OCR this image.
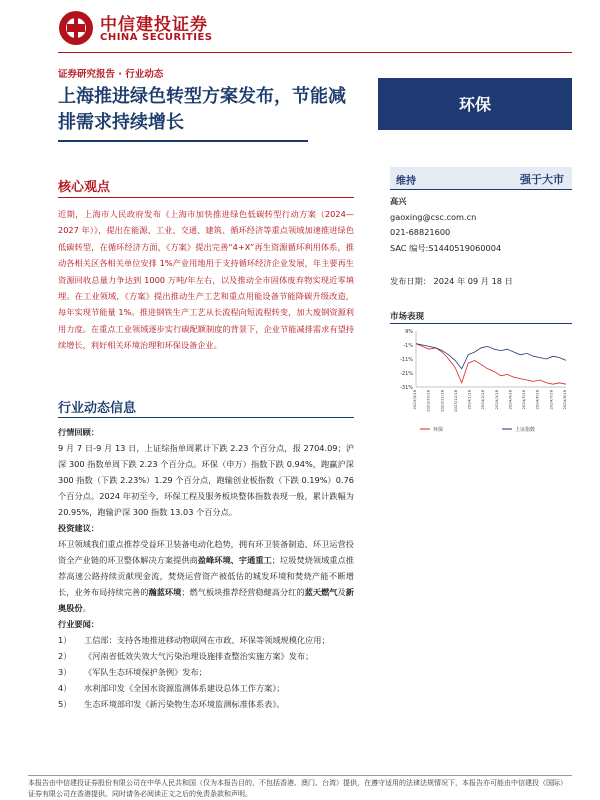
中信建投证券
CHINA SECURITIES
证券研究报告 · 行业动态
上海推进绿色转型方案发布，节能减排需求持续增长
环保
核心观点
近期，上海市人民政府发布《上海市加快推进绿色低碳转型行动方案（2024—2027 年）》，提出在能源、工业、交通、建筑、循环经济等重点领域加速推进绿色低碳转型，在循环经济方面，《方案》提出完善“4+X”再生资源循环利用体系，推动各相关区各相关单位安排 1%产业用地用于支持循环经济企业发展，年主要再生资源回收总量力争达到 1000 万吨/年左右，以及推动全市固体废弃物实现近零填埋。在工业领域，《方案》提出推动生产工艺和重点用能设备节能降碳升级改造，每年实现节能量 1%。推进钢铁生产工艺从长流程向短流程转变，加大废钢资源利用力度。在重点工业领域逐步实行碳配额制度的背景下，企业节能减排需求有望持续增长，利好相关环境治理和环保设备企业。
行业动态信息
行情回顾：

9 月 7 日-9 月 13 日，上证综指单周累计下跌 2.23 个百分点，报 2704.09；沪深 300 指数单周下跌 2.23 个百分点。环保（申万）指数下跌 0.94%，跑赢沪深 300 指数（下跌 2.23%）1.29 个百分点，跑输创业板指数（下跌 0.19%）0.76 个百分点。2024 年初至今，环保工程及服务板块整体指数表现一般，累计跌幅为 20.95%，跑输沪深 300 指数 13.03 个百分点。

投资建议：

环卫领域我们重点推荐受益环卫装备电动化趋势，拥有环卫装备制造、环卫运营投资全产业链的环卫整体解决方案提供商盈峰环境、宇通重工；垃圾焚烧领域重点推荐高速公路持续贡献现金流，焚烧运营资产被低估的城发环境和焚烧产能不断增长，业务布局持续完善的瀚蓝环境；燃气板块推荐经营稳健高分红的蓝天燃气及新奥股份。

行业要闻：
1）	工信部：支持各地推进移动物联网在市政、环保等领域规模化应用；
2）	《河南省低效失效大气污染治理设施排查整治实施方案》发布；
3）	《军队生态环境保护条例》发布；
4）	水利部印发《全国水资源监测体系建设总体工作方案》；
5）	生态环境部印发《新污染物生态环境监测标准体系表》。
维持	强于大市
高兴
gaoxing@csc.com.cn
021-68821600
SAC 编号:S1440519060004
发布日期： 2024 年 09 月 18 日
市场表现
9%
-1%
-11%
-21%
-31%
2023/9/18 2023/10/18 2023/11/18 2023/12/18 2024/1/18 2024/2/18 2024/3/18 2024/4/18 2024/5/18 2024/6/18 2024/7/18 2024/8/18
环保	上证指数
本报告由中信建投证券股份有限公司在中华人民共和国（仅为本报告目的，不包括香港、澳门、台湾）提供，在遵守适用的法律法规情况下，本报告亦可能由中信建投（国际）证券有限公司在香港提供。同时请务必阅读正文之后的免责条款和声明。
